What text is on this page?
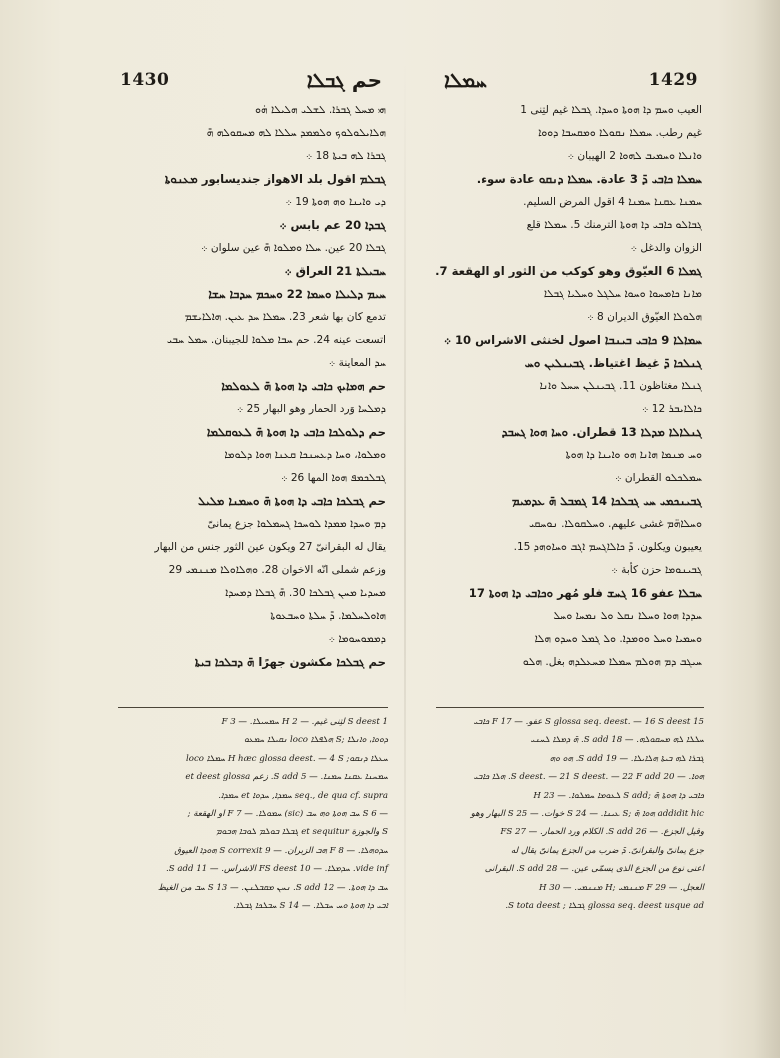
1430	حم ܓܒܠܐ	ܚܡܠܐ	1429
ܗܝ ܡܚܠ ܓܒܪܐ. ܠܫܠܝ ܗܠܝܠܐ ܗ̇ܘ
ܗܠܐܝܠܘܠܘܟ ܘܠܡܡܕ ܚܠܠܐ ܠܗ ܡܚܩܘܠܗ ܗ̄
ܓܒܪܐ ܠܗ ܒܝܬܐ 18 ܀
ܓܒܠܡ اقول بلد الاهواز جنديسابور ܡܥܢܘܬܐ
ܕܝ ܘܐܝܢܐ ܘܗ ܗܘܬܐ 19 ܀
ܓܒܕܐ 20 عم بابس ܀
ܓܒܠܐ 20 عين. ܚܠܐ ܘܡܠܘܐ ܗ̄ عين سلوان ܀
ܚܒܝܠܬܐ 21 العراق ܀
ܚܝܡ ܕܠܝܠܐ ܘܚܡܐ 22 ܘܚܟܡ ܚܕܒܐ ܚܫܐ
تدمع كان بها شعر 23. ܚܡܠܐ ܚܕ ܥܝܢ. ܗܐܠܐܝܫܡ
اتسعت عينه 24. حم ܚܒܐ ܡܠܘܐ للجيبنان. ܚܡܠ ܚܒܝ
ܚܕ المعاينة ܀
حم ܗܡܐܝܟ ܟܐܒܝ ܕܐ ܗܘܬܐ ܗ̄ ܠܥܘܠܡܐ
ܕܡܠܚܐ وَرد الحمار وهو البهار 25 ܀
حم ܕܠܘܠܟܐ ܟܐܒܝ ܕܐ ܗܘܬܐ ܗ̄ ܠܥܘܩܠܡܐ
ܘܡܠܘܐ، ܘܚܐ ܕܥܚܢܟܐ ܩܥܢܐ ܗܘܐ ܕܠܘܡܐ
ܓܒܠܟܡܦ ܗܘܐ المها 26 ܀
حم ܓܒܠܟܐ ܟܐܒܝ ܕܐ ܗܘܬܐ ܗ̄ ܘܚܡܢܐ ܡܠܝܠ
ܕܡ ܘܚܕܐ ܡܡܕܐ ܠܘܚܟܐ ܓܚܡܠܘܐ جزع يمانىّ
يقال له البقرانىّ 27 ويكون عين الثور جنس من البهار
وزعم شملى انّه الاخوان 28. ܘܗܠܐܘܠܐ ܡܢܢܡܝ 29
ܡܚܕܝܐ ܡܚܢ ܓܒܠܟܐ 30. ܗ̄ ܓܒܠܐ ܕܡܚܕܐ
ܗܐܘܠܚܠܡܐ. ܕ̄ ܚܠܬܐ ܘܚܒܥܘܬܐ
ܕܡܡܘܚܘܡܐ ܀
حم ܓܒܠܟܐ مكشون جهرًا ܗ̄ ܕܒܠܟܐ ܒܝܬܐ
العيب ܘܚܡ ܕܐ ܗܘܬܐ ܘܚܕܐ. ܓܒܠܐ غيم لتِنى 1
غيم رطب. ܚܡܠܐ ܢܩܘܠܐ ܘܡܩܚܒܐ ܕܘܘܐ
ܘܐܢܠܐ ܘܚܡܝܒ ܠܗܘܐ 2 الهيبان ܀
ܚܡܠܐ ܟܐܒܝ ܕ̄ 3 عادة. ܚܡܠܐ ܕܢܩܘ عادة سوء.
ܚܡܢܐ ܥܩܢܐ ܚܡܢܐ 4 اقول المرض السليم.
ܓܒܐܠܘ ܟܐܒܝ ܕܐ ܗܘܬܐ الترمنك 5. ܚܡܠܐ قلع
الزوان والدغل ܀
ܓܡܠܐ 6 العيّوق وهو كوكب من الثور او الهقعة 7.
ܡܐܢܐ ܟܐܡܚܘܐ ܘܚܘܐ ܚܠܓܠ ܘܚܠܝܐ ܓܒܠܐ
ܗܠܘܠܐ العيّوق الديران 8 ܀
ܚܡܐܠܐ 9 ܟܐܒܝ ܒܝܢܒܐ اصول لخنثى الاشراس 10 ܀
ܓܢܠܟܐ ܕ̄ غيظ اغتياظ. ܓܒܝܢܠܝܢ ܘܚ
ܓܢܠܐ مغتاظون 11. ܓܒܝܢܠܢ ܚܚܠ ܘܐܢܐ
ܟܐܠܐܝܒܪ 12 ܀
ܓܢܠܐܠܐ ܡܕܠܐ 13 قطران. ܘܚܐ ܗܘܐ ܓܚܒܕ
ܘܚ ܡܢܡܐ ܗܐܢܐ ܗܘ ܘܐܝܢܐ ܕܐ ܗܘܬܐ
ܚܡܠܟܠܘ القطران ܀
ܓܒܝܢܟܡܝ ܚܝ ܓܒܠܟܐ 14 ܓܡܒܠ ܗ̄ ܥܕܡܝܡ
ܘܚܠܐܗ̈ܡ غشى عليهم. ܘܚܠܩܘܠܐ. ܢܘܚܩܝ
يعيبون ويكلون. ܕ̄ ܟܐܠܐܓܚܡ ܐܓܒ ܘܚܐܘܗܕ 15.
ܓܒܝܢܘܡܐ حزن كأبة ܀
ܚܒܠܐ عفو 16 ܓܚܫ فلو مُهر ܘܟܐܒܝ ܕܐ ܗܘܬܐ 17
ܚܕܕܐ ܗܘܐ ܘܚܠܐ ܢܩܠ ܘܠ ܢܡܚܐ ܘܚܠ
ܘܚܡܝܐ ܘܚܠ ܘܘܡܕܐ. ܘܠ ܓܡܠ ܘܚܕܘ ܗܠܐ
ܚܝܓܒ ܕܡ ܗܘܠܡ ܚܡܠܐ ܡܚܥܠܕܗ بغل. ܗܠܘ
1 S deest لتِنى غيم. — 2 H ܚܡܚܝܠܐ. — 3 F
ܕܘܘܐ، ܘܐܢܠܐ ;S ܗܠܦܠܐ loco ܢܩܝܠܐ ܚܡܥܘ
ܚܥܠܐ ܕܢܩܘ; H hæc glossa deest. — 4 S ܚܡܠܐ loco
ܚܡܚܢܐ ܥܩܢܐ ܚܡܢܐ. — 5 S add. زعم et deest glossa
seq., de qua cf. supra ܚܡܕܐ, ܚܕܘܐ et ܚܡܕܐ.
— 6 S ܚܒ ܗܘܬܐ ܘܗ ܚܒ (sic) ܚܡܘܠܐ. — 7 F او الهقعة ;
S والجوزة et sequitur ܓܒܠܐ ܒܘܠܡ ܠܘܒܐ ܗܒܘܡ
ܚܕܘܗܠܐ. — 8 F ܗܒ الزبران. — 9 S correxit ܗܘܕܐ العيوق
vide inf. ܚܕܡܠܐ. — 10 FS deest الاشراس. — 11 S add.
ܚܒ ܕܐ ܗܘܬܐ. — 12 S add. ܢܚܢ ܡܩܒܠܢܢ. — 13 S ܚܒ من الغيظ
ܐܒܝ ܕܐ ܗܘܬܐ ܘܚ ܚܒܠܐ. — 14 S ܚܒܠܟܐ ܓܒܠܐ.
15 S glossa seq. deest. — 16 S deest عفو. — 17 F ܟܐܒܝ
ܚܠܠܐ ܠܗ ܡܚܩܘܠܗ. — 18 S add. ܗ̄ ܕܡܠܐ ܠܚܢܝ
ܓܒܪܐ ܠܗ ܒܝܬܐ ܗܠܐܝܠܐ. — 19 S add. ܗܘ ܘܗ
ܗܘܐ. — 20 S deest. — 21 S deest. — 22 F add. ܗܠܐ ܟܐܒܝ
ܟܐܒܝ ܕܐ ܗܘܬܐ ܗ̄ ;S add ܠܥܘܡܐ ܚܡܠܘܐ. — 23 H
addidit hic ܗܘܐ ܗ̄ ;S ܥܝܢܐ. — 24 S خوات. — 25 S البهار وهو
وقيل الجزع. — 26 S add. الكلام ورد الحمار. — 27 FS
جزع يمانىّ والبقرانىّ. ܕ̄ ضرب من الجزع يمانىّ يقال له
اعنى نوع من الجزع الذى يسمّى عين. — 28 S add. البقرانى
العجل. — 29 F ܡܢܢܡܝ ;H ܡܢܢܡܝ. — 30 H
glossa seq. deest usque ad ܓܒܠܐ ; S tota deest.
